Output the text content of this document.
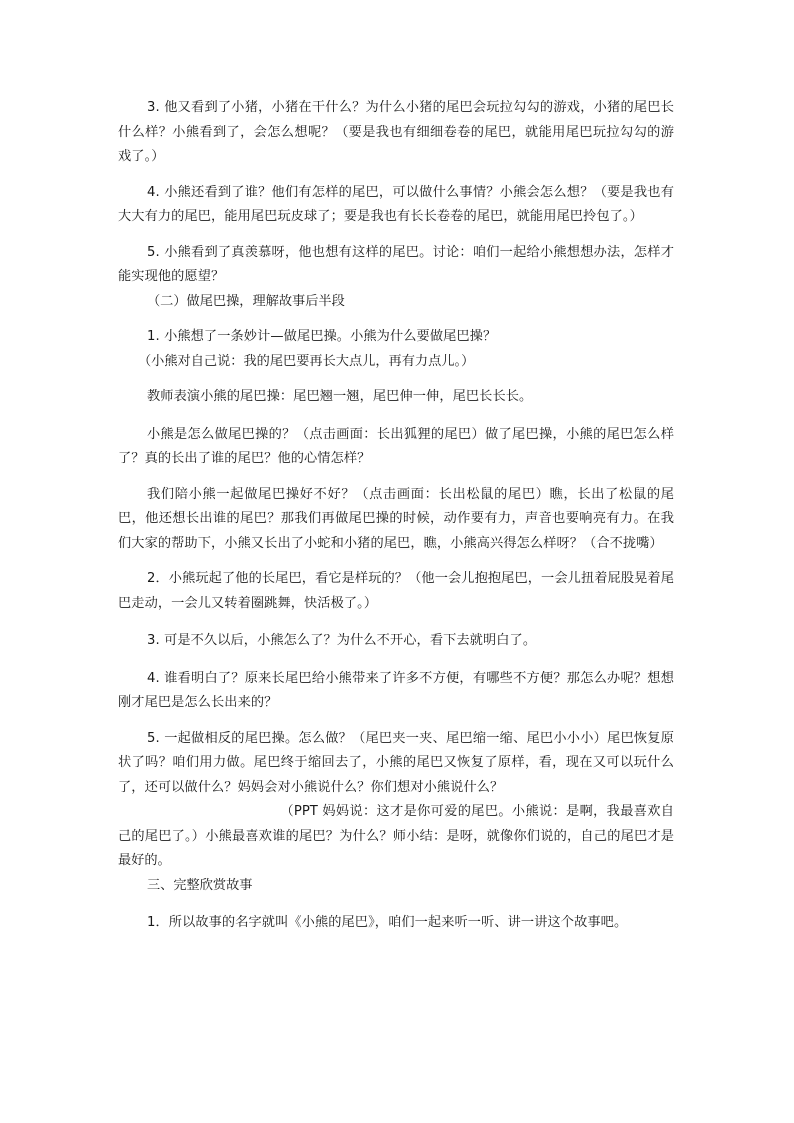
3. 他又看到了小猪，小猪在干什么？为什么小猪的尾巴会玩拉勾勾的游戏，小猪的尾巴长什么样？小熊看到了，会怎么想呢？（要是我也有细细卷卷的尾巴，就能用尾巴玩拉勾勾的游戏了。）

4. 小熊还看到了谁？他们有怎样的尾巴，可以做什么事情？小熊会怎么想？（要是我也有大大有力的尾巴，能用尾巴玩皮球了；要是我也有长长卷卷的尾巴，就能用尾巴拎包了。）

5. 小熊看到了真羡慕呀，他也想有这样的尾巴。讨论：咱们一起给小熊想想办法，怎样才能实现他的愿望？

（二）做尾巴操，理解故事后半段

1. 小熊想了一条妙计—做尾巴操。小熊为什么要做尾巴操？

（小熊对自己说：我的尾巴要再长大点儿，再有力点儿。）

教师表演小熊的尾巴操：尾巴翘一翘，尾巴伸一伸，尾巴长长长。

小熊是怎么做尾巴操的？（点击画面：长出狐狸的尾巴）做了尾巴操，小熊的尾巴怎么样了？真的长出了谁的尾巴？他的心情怎样？

我们陪小熊一起做尾巴操好不好？（点击画面：长出松鼠的尾巴）瞧，长出了松鼠的尾巴，他还想长出谁的尾巴？那我们再做尾巴操的时候，动作要有力，声音也要响亮有力。在我们大家的帮助下，小熊又长出了小蛇和小猪的尾巴，瞧，小熊高兴得怎么样呀？（合不拢嘴）

2．小熊玩起了他的长尾巴，看它是样玩的？（他一会儿抱抱尾巴，一会儿扭着屁股晃着尾巴走动，一会儿又转着圈跳舞，快活极了。）

3. 可是不久以后，小熊怎么了？为什么不开心，看下去就明白了。

4. 谁看明白了？原来长尾巴给小熊带来了许多不方便，有哪些不方便？那怎么办呢？想想刚才尾巴是怎么长出来的？

5. 一起做相反的尾巴操。怎么做？（尾巴夹一夹、尾巴缩一缩、尾巴小小小）尾巴恢复原状了吗？咱们用力做。尾巴终于缩回去了，小熊的尾巴又恢复了原样，看，现在又可以玩什么了，还可以做什么？妈妈会对小熊说什么？你们想对小熊说什么？

（PPT 妈妈说：这才是你可爱的尾巴。小熊说：是啊，我最喜欢自己的尾巴了。）小熊最喜欢谁的尾巴？为什么？师小结：是呀，就像你们说的，自己的尾巴才是最好的。

三、完整欣赏故事

1．所以故事的名字就叫《小熊的尾巴》，咱们一起来听一听、讲一讲这个故事吧。
